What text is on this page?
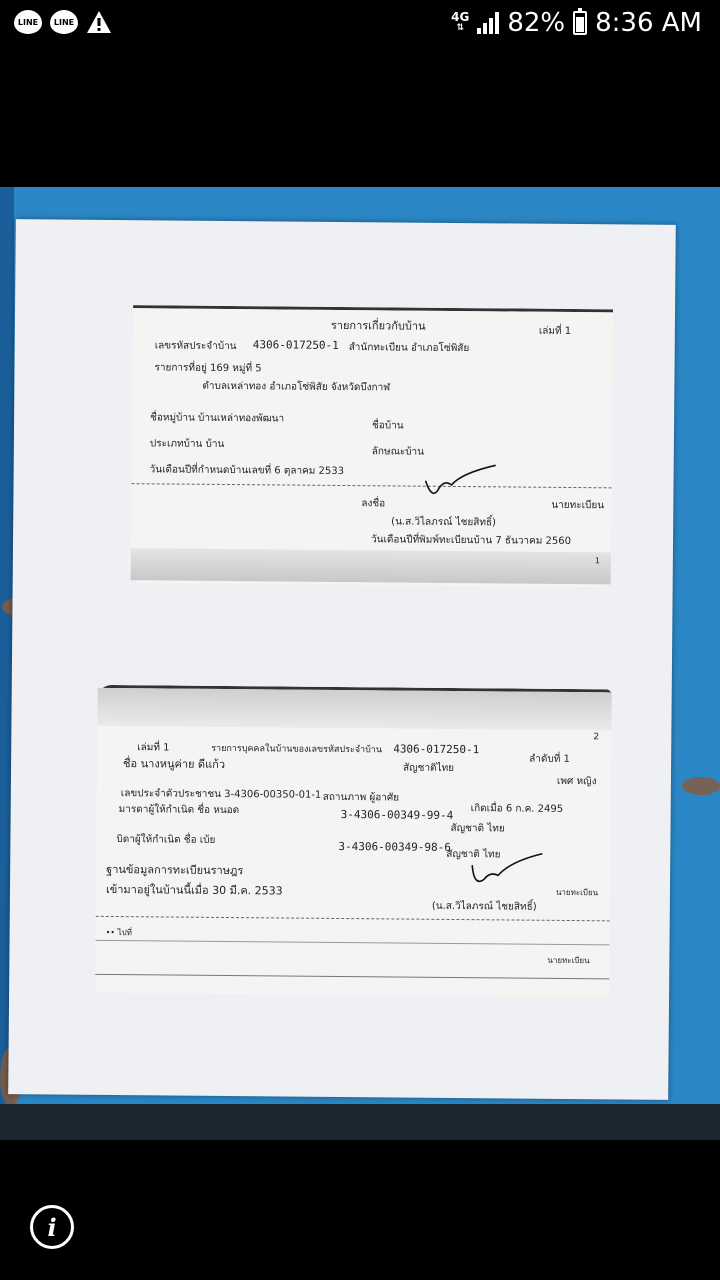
LINE	LINE	4G
⇅ 82% 8:36 AM
รายการเกี่ยวกับบ้าน	เล่มที่ 1
เลขรหัสประจำบ้าน 4306-017250-1 สำนักทะเบียน อำเภอโซ่พิสัย
รายการที่อยู่ 169 หมู่ที่ 5
ตำบลเหล่าทอง อำเภอโซ่พิสัย จังหวัดบึงกาฬ
ชื่อหมู่บ้าน บ้านเหล่าทองพัฒนา
ชื่อบ้าน
ประเภทบ้าน บ้าน
ลักษณะบ้าน
วันเดือนปีที่กำหนดบ้านเลขที่ 6 ตุลาคม 2533
ลงชื่อ	นายทะเบียน
(น.ส.วิไลภรณ์ ไชยสิทธิ์)
วันเดือนปีที่พิมพ์ทะเบียนบ้าน 7 ธันวาคม 2560
1
2
เล่มที่ 1	รายการบุคคลในบ้านของเลขรหัสประจำบ้าน 4306-017250-1
ลำดับที่ 1
ชื่อ นางหนูค่าย ดีแก้ว	สัญชาติไทย
เพศ หญิง
เลขประจำตัวประชาชน 3-4306-00350-01-1 สถานภาพ ผู้อาศัย
เกิดเมื่อ 6 ก.ค. 2495
มารดาผู้ให้กำเนิด ชื่อ หนอด	3-4306-00349-99-4
สัญชาติ ไทย
บิดาผู้ให้กำเนิด ชื่อ เบ้ย
3-4306-00349-98-6
สัญชาติ ไทย
ฐานข้อมูลการทะเบียนราษฎร
เข้ามาอยู่ในบ้านนี้เมื่อ 30 มี.ค. 2533	นายทะเบียน
(น.ส.วิไลภรณ์ ไชยสิทธิ์)
•• ไปที่
นายทะเบียน
i
